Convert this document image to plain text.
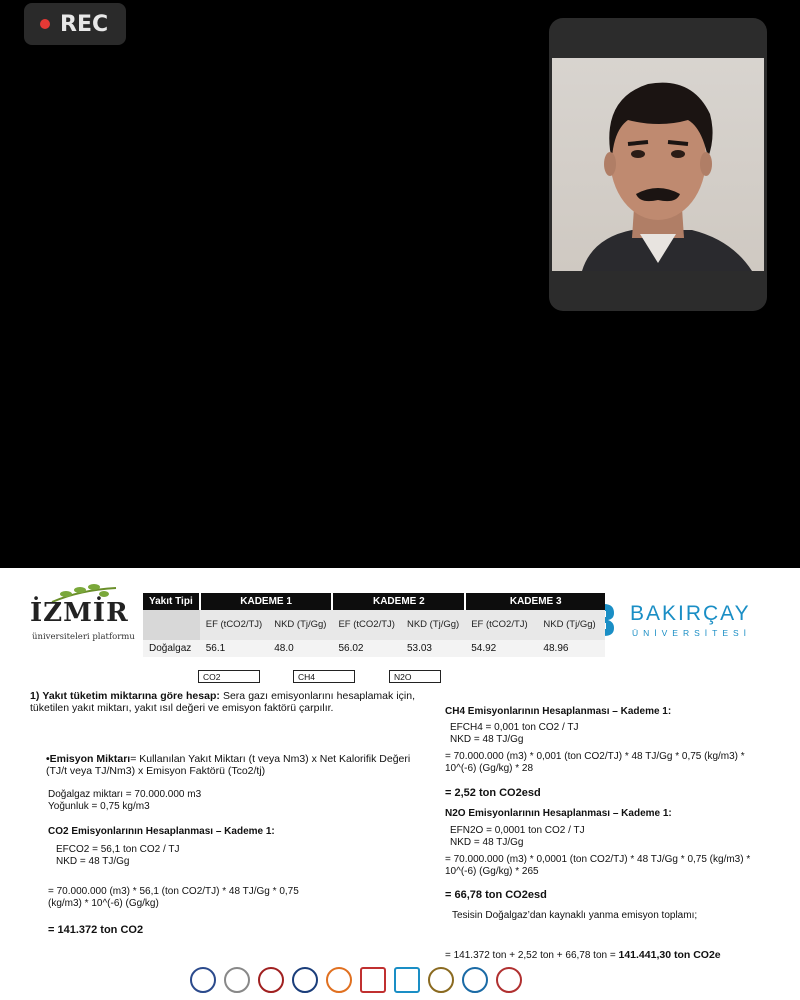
REC
İZMİR
üniversiteleri platformu
BAKIRÇAY
ÜNİVERSİTESİ
Yakıt Tipi	KADEME 1		KADEME 2		KADEME 3	
	EF (tCO2/TJ)	NKD (Tj/Gg)	EF (tCO2/TJ)	NKD (Tj/Gg)	EF (tCO2/TJ)	NKD (Tj/Gg)
Doğalgaz	56.1	48.0	56.02	53.03	54.92	48.96
CO2	CH4	N2O
1) Yakıt tüketim miktarına göre hesap: Sera gazı emisyonlarını hesaplamak için, tüketilen yakıt miktarı, yakıt ısıl değeri ve emisyon faktörü çarpılır.
•Emisyon Miktarı= Kullanılan Yakıt Miktarı (t veya Nm3) x Net Kalorifik Değeri (TJ/t veya TJ/Nm3) x Emisyon Faktörü (Tco2/tj)
Doğalgaz miktarı = 70.000.000 m3
Yoğunluk = 0,75 kg/m3
CO2 Emisyonlarının Hesaplanması – Kademe 1:
EFCO2 = 56,1 ton CO2 / TJ
NKD = 48 TJ/Gg
= 70.000.000 (m3) * 56,1 (ton CO2/TJ) * 48 TJ/Gg * 0,75 (kg/m3) * 10^(-6) (Gg/kg)
= 141.372 ton CO2
CH4 Emisyonlarının Hesaplanması – Kademe 1:
EFCH4 = 0,001 ton CO2 / TJ
NKD = 48 TJ/Gg
= 70.000.000 (m3) * 0,001 (ton CO2/TJ) * 48 TJ/Gg * 0,75 (kg/m3) * 10^(-6) (Gg/kg) * 28
= 2,52 ton CO2esd
N2O Emisyonlarının Hesaplanması – Kademe 1:
EFN2O = 0,0001 ton CO2 / TJ
NKD = 48 TJ/Gg
= 70.000.000 (m3) * 0,0001 (ton CO2/TJ) * 48 TJ/Gg * 0,75 (kg/m3) * 10^(-6) (Gg/kg) * 265
= 66,78 ton CO2esd
Tesisin Doğalgaz’dan kaynaklı yanma emisyon toplamı;
= 141.372 ton + 2,52 ton + 66,78 ton = 141.441,30 ton CO2e
